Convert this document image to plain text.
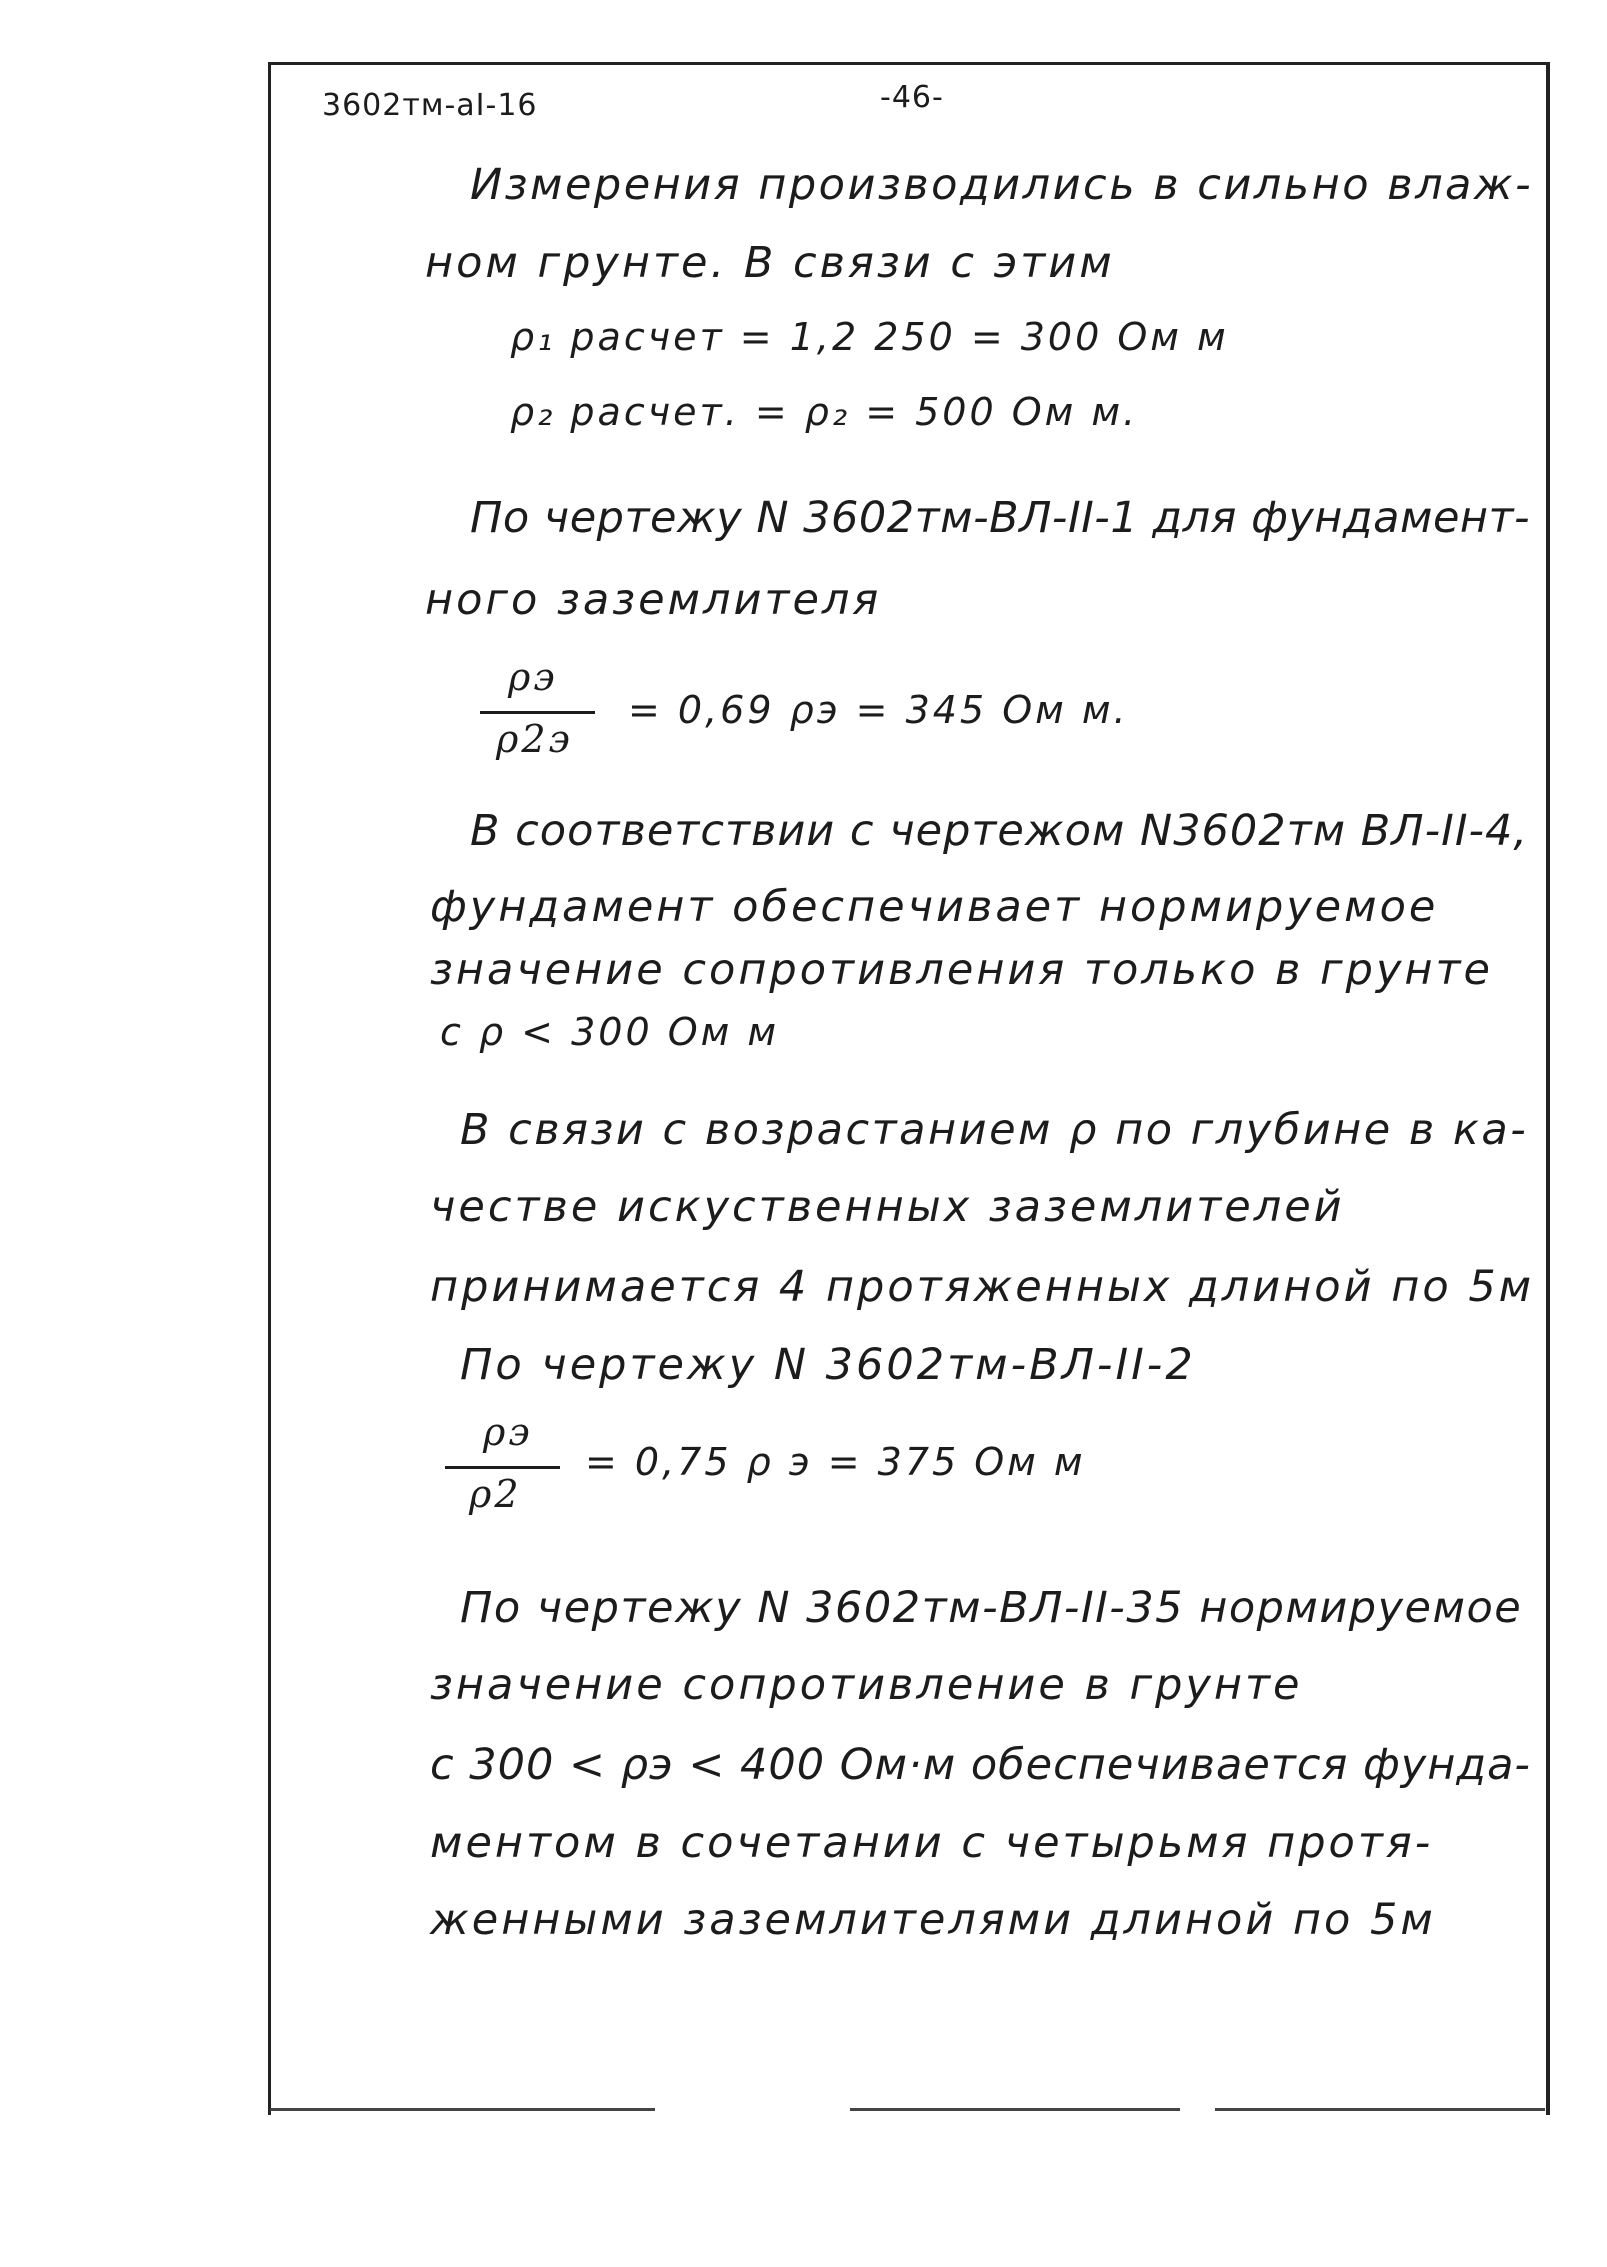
3602тм-аI-16	-46-
Измерения производились в сильно влаж-
ном грунте. В связи с этим
ρ₁ расчет = 1,2 250 = 300 Ом м
ρ₂ расчет. = ρ₂ = 500 Ом м.
По чертежу N 3602тм-ВЛ-II-1 для фундамент-
ного заземлителя
ρэ
ρ2э
= 0,69 ρэ = 345 Ом м.
В соответствии с чертежом N3602тм ВЛ-II-4,
фундамент обеспечивает нормируемое
значение сопротивления только в грунте
с ρ < 300 Ом м
В связи с возрастанием ρ по глубине в ка-
честве искуственных заземлителей
принимается 4 протяженных длиной по 5м
По чертежу N 3602тм-ВЛ-II-2
ρэ
ρ2
= 0,75 ρ э = 375 Ом м
По чертежу N 3602тм-ВЛ-II-35 нормируемое
значение сопротивление в грунте
с 300 < ρэ < 400 Ом·м обеспечивается фунда-
ментом в сочетании с четырьмя протя-
женными заземлителями длиной по 5м
